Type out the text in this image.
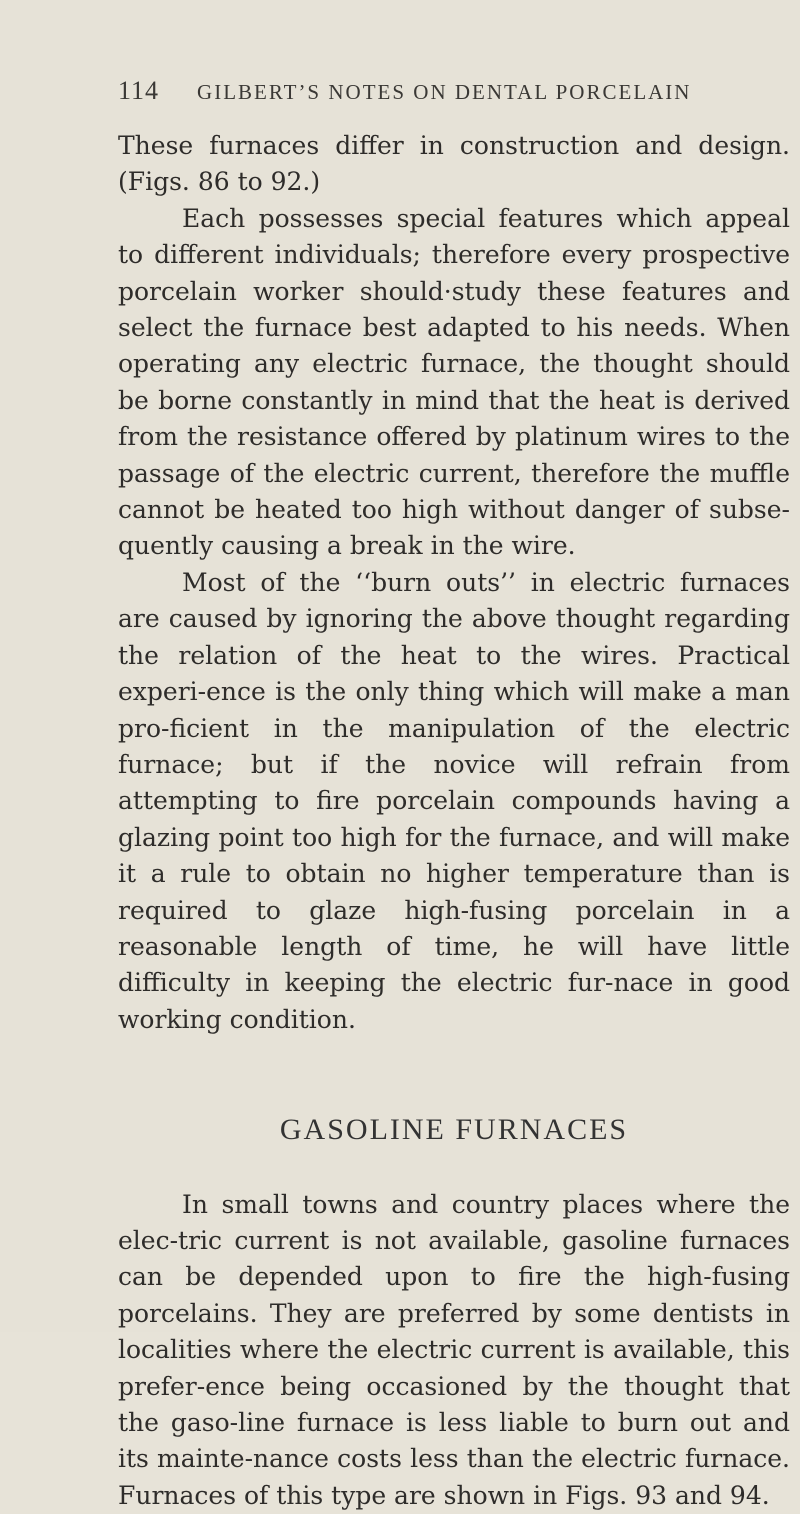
114 GILBERT’S NOTES ON DENTAL PORCELAIN

These furnaces differ in construction and design. (Figs. 86 to 92.)

Each possesses special features which appeal to different individuals; therefore every prospective porcelain worker should·study these features and select the furnace best adapted to his needs. When operating any electric furnace, the thought should be borne constantly in mind that the heat is derived from the resistance offered by platinum wires to the passage of the electric current, therefore the muffle cannot be heated too high without danger of subse-quently causing a break in the wire.

Most of the ‘‘burn outs’’ in electric furnaces are caused by ignoring the above thought regarding the relation of the heat to the wires. Practical experi-ence is the only thing which will make a man pro-ficient in the manipulation of the electric furnace; but if the novice will refrain from attempting to fire porcelain compounds having a glazing point too high for the furnace, and will make it a rule to obtain no higher temperature than is required to glaze high-fusing porcelain in a reasonable length of time, he will have little difficulty in keeping the electric fur-nace in good working condition.

GASOLINE FURNACES

In small towns and country places where the elec-tric current is not available, gasoline furnaces can be depended upon to fire the high-fusing porcelains. They are preferred by some dentists in localities where the electric current is available, this prefer-ence being occasioned by the thought that the gaso-line furnace is less liable to burn out and its mainte-nance costs less than the electric furnace. Furnaces of this type are shown in Figs. 93 and 94.
